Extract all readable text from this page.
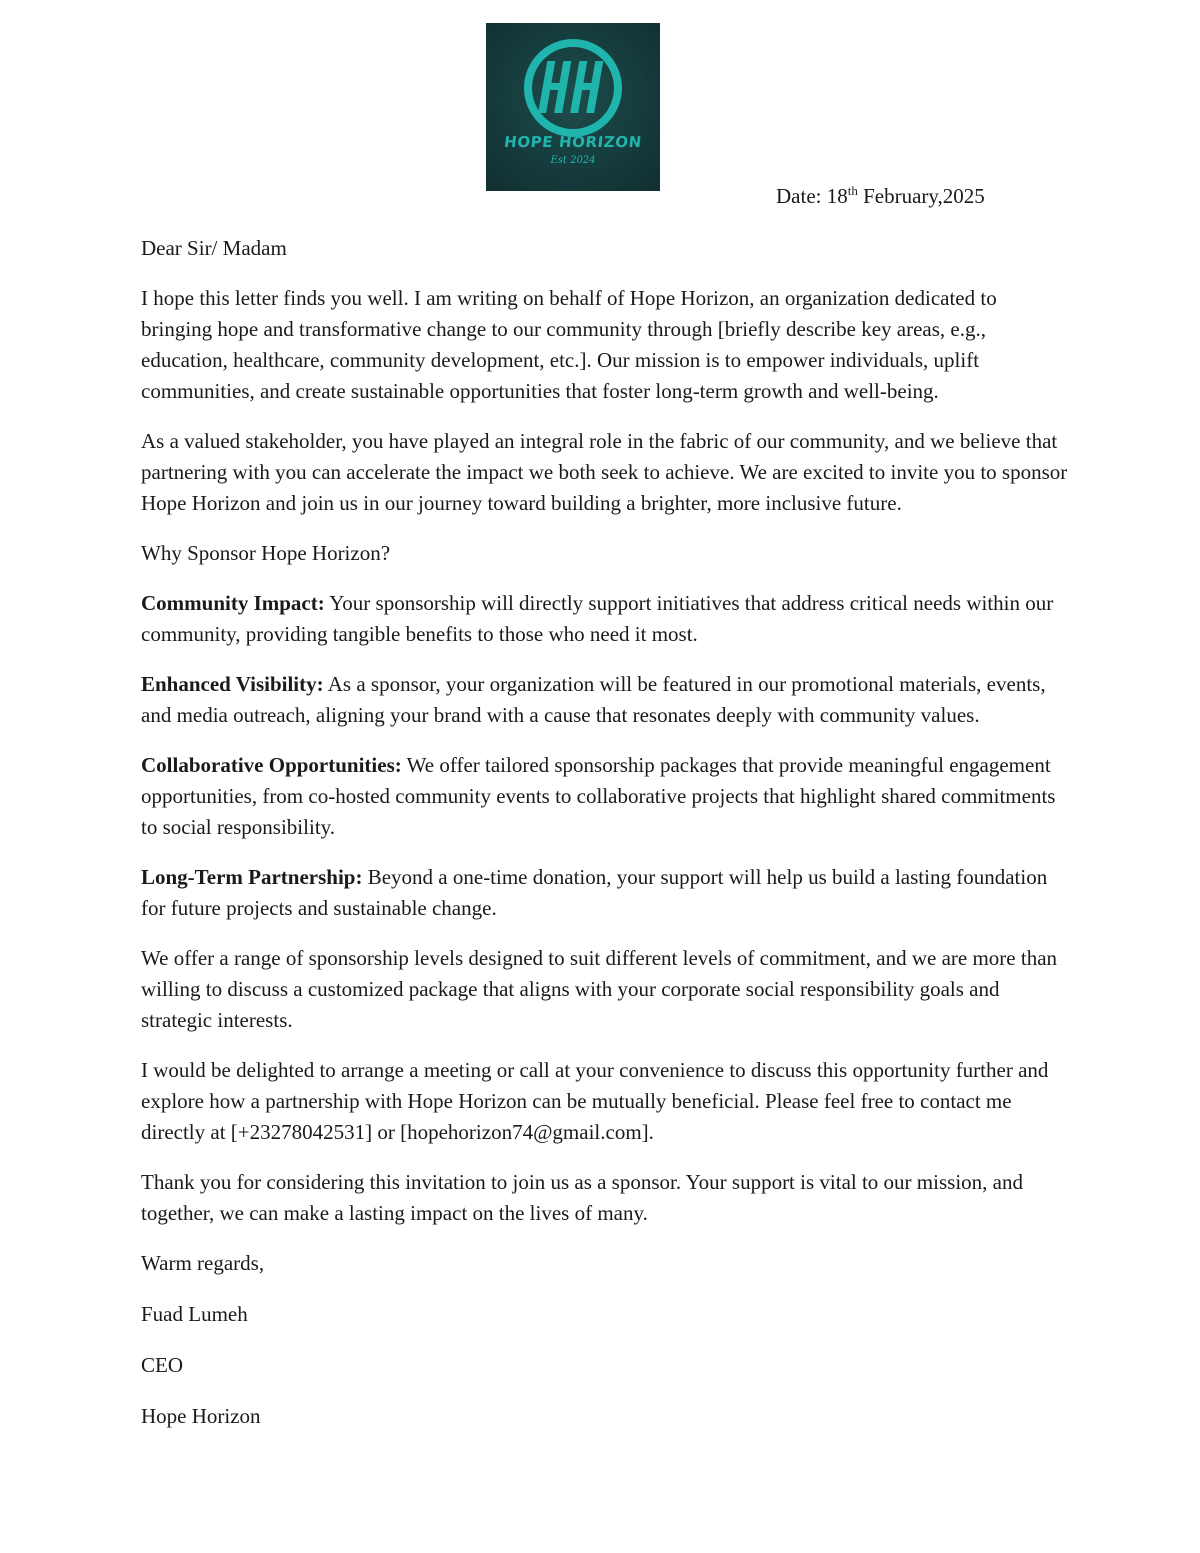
HOPE HORIZON
Est 2024
Date: 18th February,2025

Dear Sir/ Madam

I hope this letter finds you well. I am writing on behalf of Hope Horizon, an organization dedicated to bringing hope and transformative change to our community through [briefly describe key areas, e.g., education, healthcare, community development, etc.]. Our mission is to empower individuals, uplift communities, and create sustainable opportunities that foster long-term growth and well-being.

As a valued stakeholder, you have played an integral role in the fabric of our community, and we believe that partnering with you can accelerate the impact we both seek to achieve. We are excited to invite you to sponsor Hope Horizon and join us in our journey toward building a brighter, more inclusive future.

Why Sponsor Hope Horizon?

Community Impact: Your sponsorship will directly support initiatives that address critical needs within our community, providing tangible benefits to those who need it most.

Enhanced Visibility: As a sponsor, your organization will be featured in our promotional materials, events, and media outreach, aligning your brand with a cause that resonates deeply with community values.

Collaborative Opportunities: We offer tailored sponsorship packages that provide meaningful engagement opportunities, from co-hosted community events to collaborative projects that highlight shared commitments to social responsibility.

Long-Term Partnership: Beyond a one-time donation, your support will help us build a lasting foundation for future projects and sustainable change.

We offer a range of sponsorship levels designed to suit different levels of commitment, and we are more than willing to discuss a customized package that aligns with your corporate social responsibility goals and strategic interests.

I would be delighted to arrange a meeting or call at your convenience to discuss this opportunity further and explore how a partnership with Hope Horizon can be mutually beneficial. Please feel free to contact me directly at [+23278042531] or [hopehorizon74@gmail.com].

Thank you for considering this invitation to join us as a sponsor. Your support is vital to our mission, and together, we can make a lasting impact on the lives of many.

Warm regards,

Fuad Lumeh

CEO

Hope Horizon
